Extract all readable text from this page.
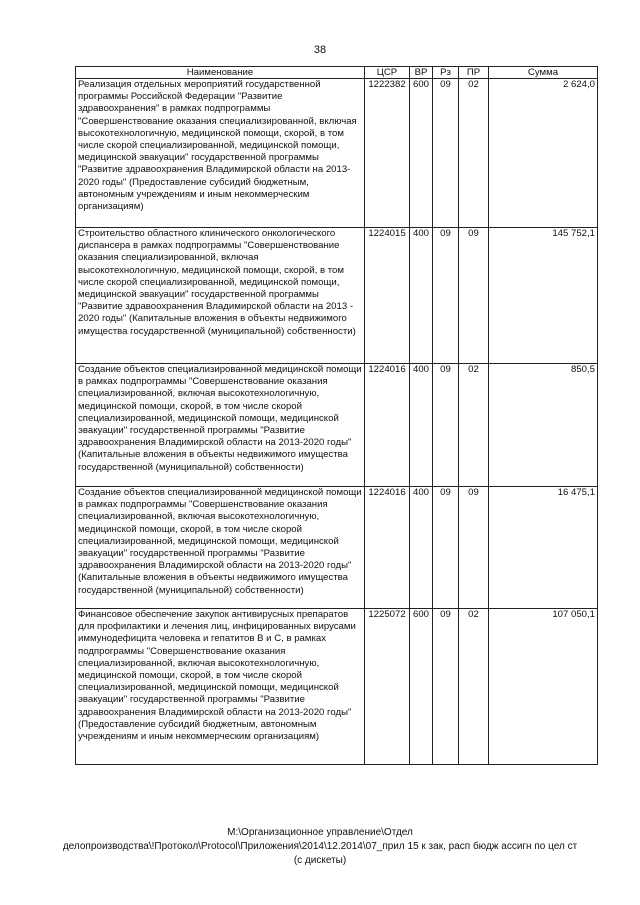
38
Наименование	ЦСР	ВР	Рз	ПР	Сумма
Реализация отдельных мероприятий государственной программы Российской Федерации "Развитие здравоохранения" в рамках подпрограммы "Совершенствование оказания специализированной, включая высокотехнологичную, медицинской помощи, скорой, в том числе скорой специализированной, медицинской помощи, медицинской эвакуации" государственной программы "Развитие здравоохранения Владимирской области на 2013-2020 годы" (Предоставление субсидий бюджетным, автономным учреждениям и иным некоммерческим организациям)	1222382	600	09	02	2 624,0
Строительство областного клинического онкологического диспансера в рамках подпрограммы "Совершенствование оказания специализированной, включая высокотехнологичную, медицинской помощи, скорой, в том числе скорой специализированной, медицинской помощи, медицинской эвакуации" государственной программы "Развитие здравоохранения Владимирской области на 2013 - 2020 годы" (Капитальные вложения в объекты недвижимого имущества государственной (муниципальной) собственности)	1224015	400	09	09	145 752,1
Создание объектов специализированной медицинской помощи в рамках подпрограммы "Совершенствование оказания специализированной, включая высокотехнологичную, медицинской помощи, скорой, в том числе скорой специализированной, медицинской помощи, медицинской эвакуации" государственной программы "Развитие здравоохранения Владимирской области на 2013-2020 годы" (Капитальные вложения в объекты недвижимого имущества государственной (муниципальной) собственности)	1224016	400	09	02	850,5
Создание объектов специализированной медицинской помощи в рамках подпрограммы "Совершенствование оказания специализированной, включая высокотехнологичную, медицинской помощи, скорой, в том числе скорой специализированной, медицинской помощи, медицинской эвакуации" государственной программы "Развитие здравоохранения Владимирской области на 2013-2020 годы" (Капитальные вложения в объекты недвижимого имущества государственной (муниципальной) собственности)	1224016	400	09	09	16 475,1
Финансовое обеспечение закупок антивирусных препаратов для профилактики и лечения лиц, инфицированных вирусами иммунодефицита человека и гепатитов В и С, в рамках подпрограммы "Совершенствование оказания специализированной, включая высокотехнологичную, медицинской помощи, скорой, в том числе скорой специализированной, медицинской помощи, медицинской эвакуации" государственной программы "Развитие здравоохранения Владимирской области на 2013-2020 годы" (Предоставление субсидий бюджетным, автономным учреждениям и иным некоммерческим организациям)	1225072	600	09	02	107 050,1
М:\Организационное управление\Отдел
делопроизводства\!Протокол\Protocol\Приложения\2014\12.2014\07_прил 15 к зак, расп бюдж ассигн по цел ст
(с дискеты)
